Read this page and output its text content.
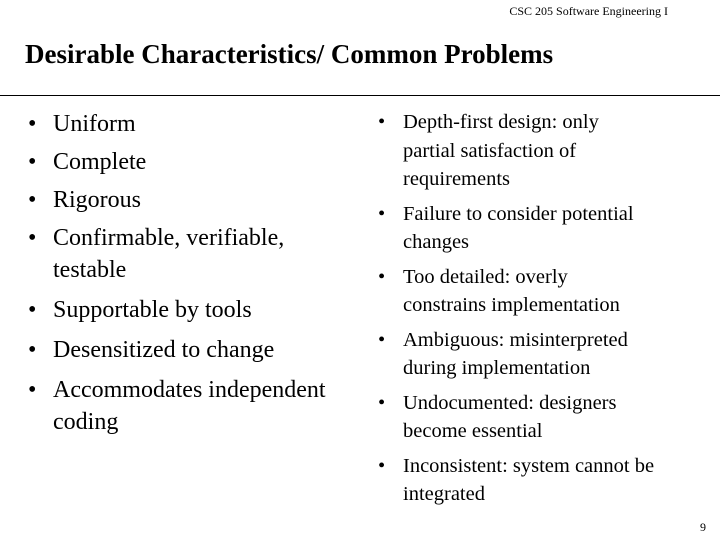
CSC 205 Software Engineering I
Desirable Characteristics/ Common Problems
• Uniform
• Complete
• Rigorous
• Confirmable, verifiable,
testable
• Supportable by tools
• Desensitized to change
• Accommodates independent
coding
• Depth-first design: only
partial satisfaction of
requirements
• Failure to consider potential
changes
• Too detailed: overly
constrains implementation
• Ambiguous: misinterpreted
during implementation
• Undocumented: designers
become essential
• Inconsistent: system cannot be
integrated
9
